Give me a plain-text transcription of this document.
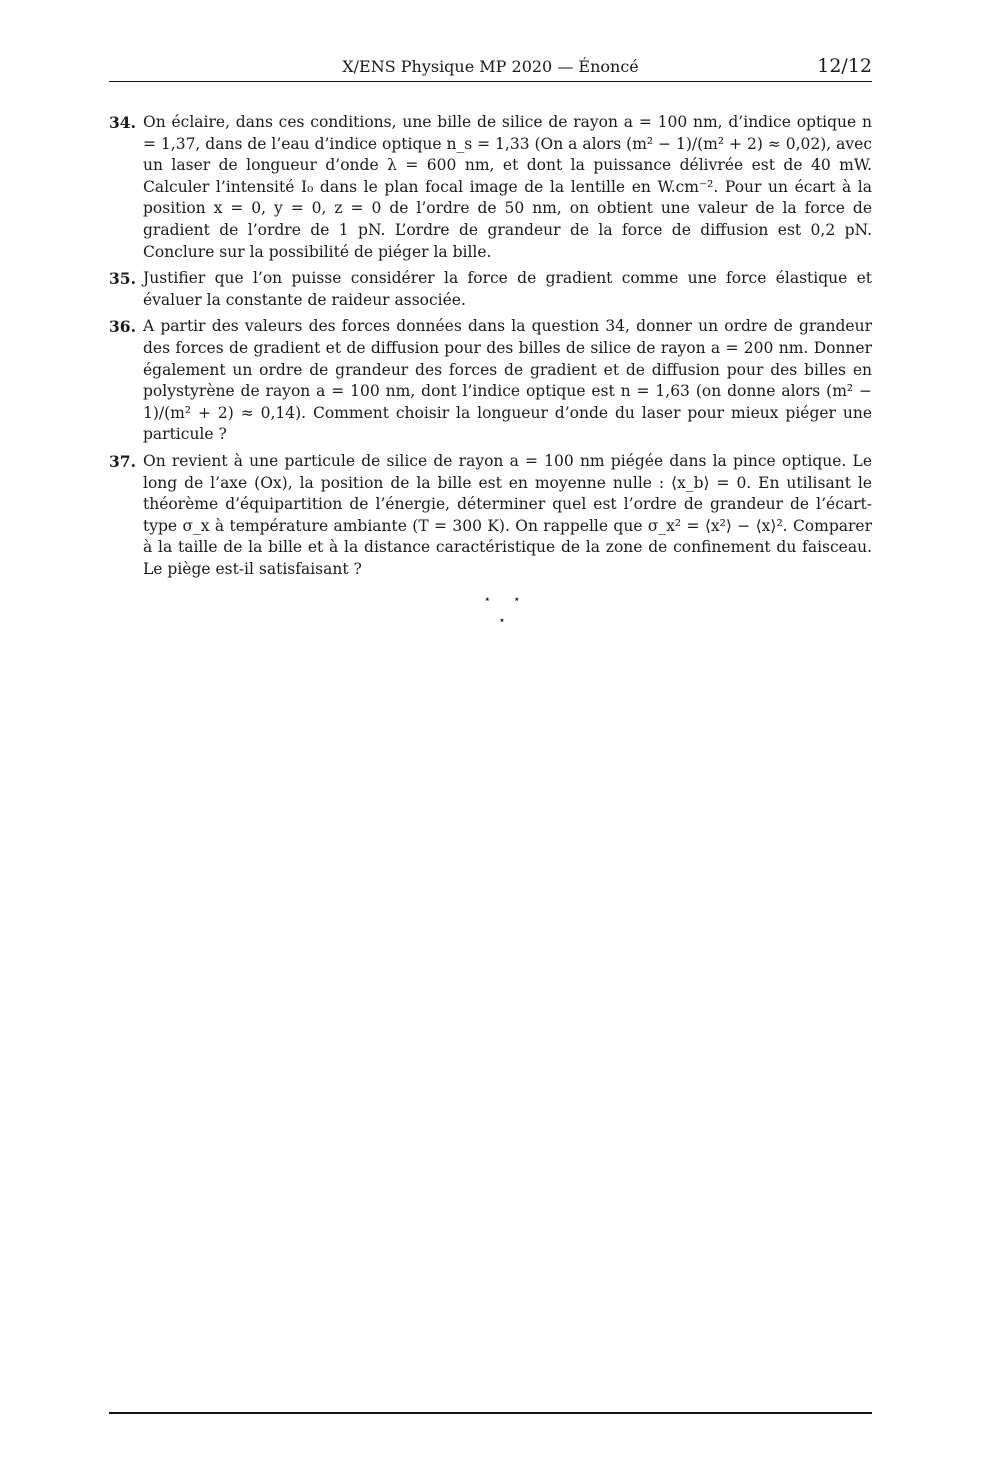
X/ENS Physique MP 2020 — Énoncé	12/12
34. On éclaire, dans ces conditions, une bille de silice de rayon a = 100 nm, d’indice optique n = 1,37, dans de l’eau d’indice optique n_s = 1,33 (On a alors (m² − 1)/(m² + 2) ≈ 0,02), avec un laser de longueur d’onde λ = 600 nm, et dont la puissance délivrée est de 40 mW. Calculer l’intensité I₀ dans le plan focal image de la lentille en W.cm⁻². Pour un écart à la position x = 0, y = 0, z = 0 de l’ordre de 50 nm, on obtient une valeur de la force de gradient de l’ordre de 1 pN. L’ordre de grandeur de la force de diffusion est 0,2 pN. Conclure sur la possibilité de piéger la bille.
35. Justifier que l’on puisse considérer la force de gradient comme une force élastique et évaluer la constante de raideur associée.
36. A partir des valeurs des forces données dans la question 34, donner un ordre de grandeur des forces de gradient et de diffusion pour des billes de silice de rayon a = 200 nm. Donner également un ordre de grandeur des forces de gradient et de diffusion pour des billes en polystyrène de rayon a = 100 nm, dont l’indice optique est n = 1,63 (on donne alors (m² − 1)/(m² + 2) ≈ 0,14). Comment choisir la longueur d’onde du laser pour mieux piéger une particule ?
37. On revient à une particule de silice de rayon a = 100 nm piégée dans la pince optique. Le long de l’axe (Ox), la position de la bille est en moyenne nulle : ⟨x_b⟩ = 0. En utilisant le théorème d’équipartition de l’énergie, déterminer quel est l’ordre de grandeur de l’écart-type σ_x à température ambiante (T = 300 K). On rappelle que σ_x² = ⟨x²⟩ − ⟨x⟩². Comparer à la taille de la bille et à la distance caractéristique de la zone de confinement du faisceau. Le piège est-il satisfaisant ?
⋆ ⋆
⋆
